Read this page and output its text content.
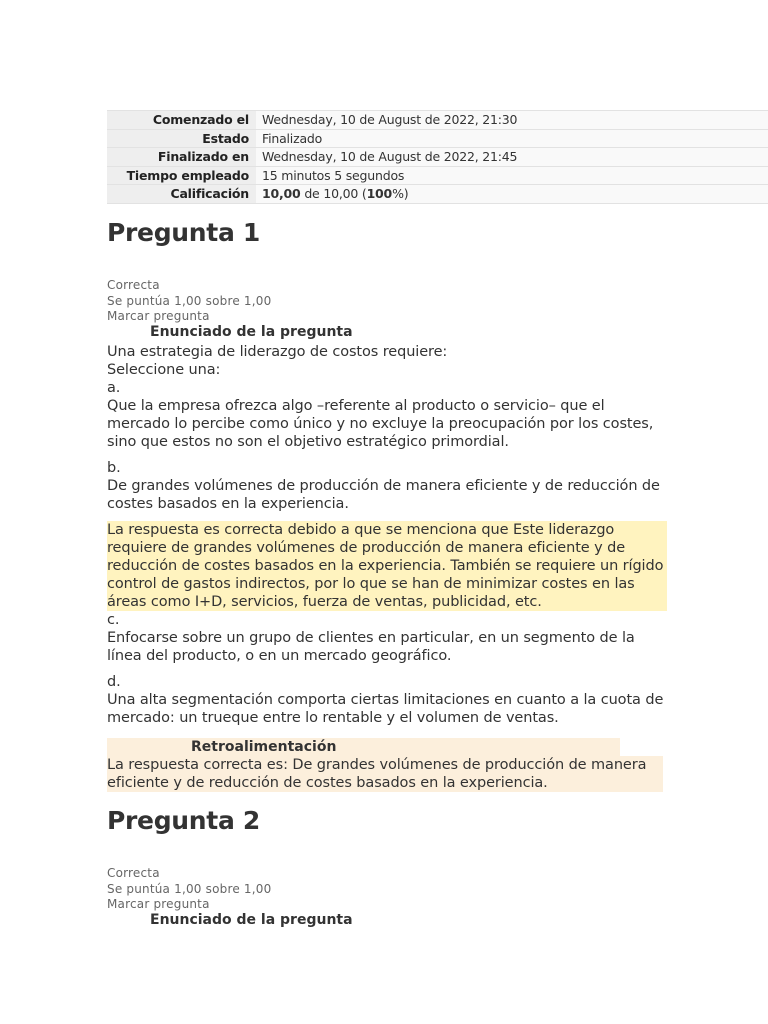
Comenzado el	Wednesday, 10 de August de 2022, 21:30
Estado	Finalizado
Finalizado en	Wednesday, 10 de August de 2022, 21:45
Tiempo empleado	15 minutos 5 segundos
Calificación	10,00 de 10,00 (100%)
Pregunta 1
Correcta
Se puntúa 1,00 sobre 1,00
Marcar pregunta
Enunciado de la pregunta

Una estrategia de liderazgo de costos requiere:

Seleccione una:

a.

Que la empresa ofrezca algo –referente al producto o servicio– que el mercado lo percibe como único y no excluye la preocupación por los costes, sino que estos no son el objetivo estratégico primordial.

b.

De grandes volúmenes de producción de manera eficiente y de reducción de costes basados en la experiencia.

La respuesta es correcta debido a que se menciona que Este liderazgo requiere de grandes volúmenes de producción de manera eficiente y de reducción de costes basados en la experiencia. También se requiere un rígido control de gastos indirectos, por lo que se han de minimizar costes en las áreas como I+D, servicios, fuerza de ventas, publicidad, etc.

c.

Enfocarse sobre un grupo de clientes en particular, en un segmento de la línea del producto, o en un mercado geográfico.

d.

Una alta segmentación comporta ciertas limitaciones en cuanto a la cuota de mercado: un trueque entre lo rentable y el volumen de ventas.

Retroalimentación
La respuesta correcta es: De grandes volúmenes de producción de manera eficiente y de reducción de costes basados en la experiencia.
Pregunta 2
Correcta
Se puntúa 1,00 sobre 1,00
Marcar pregunta
Enunciado de la pregunta
